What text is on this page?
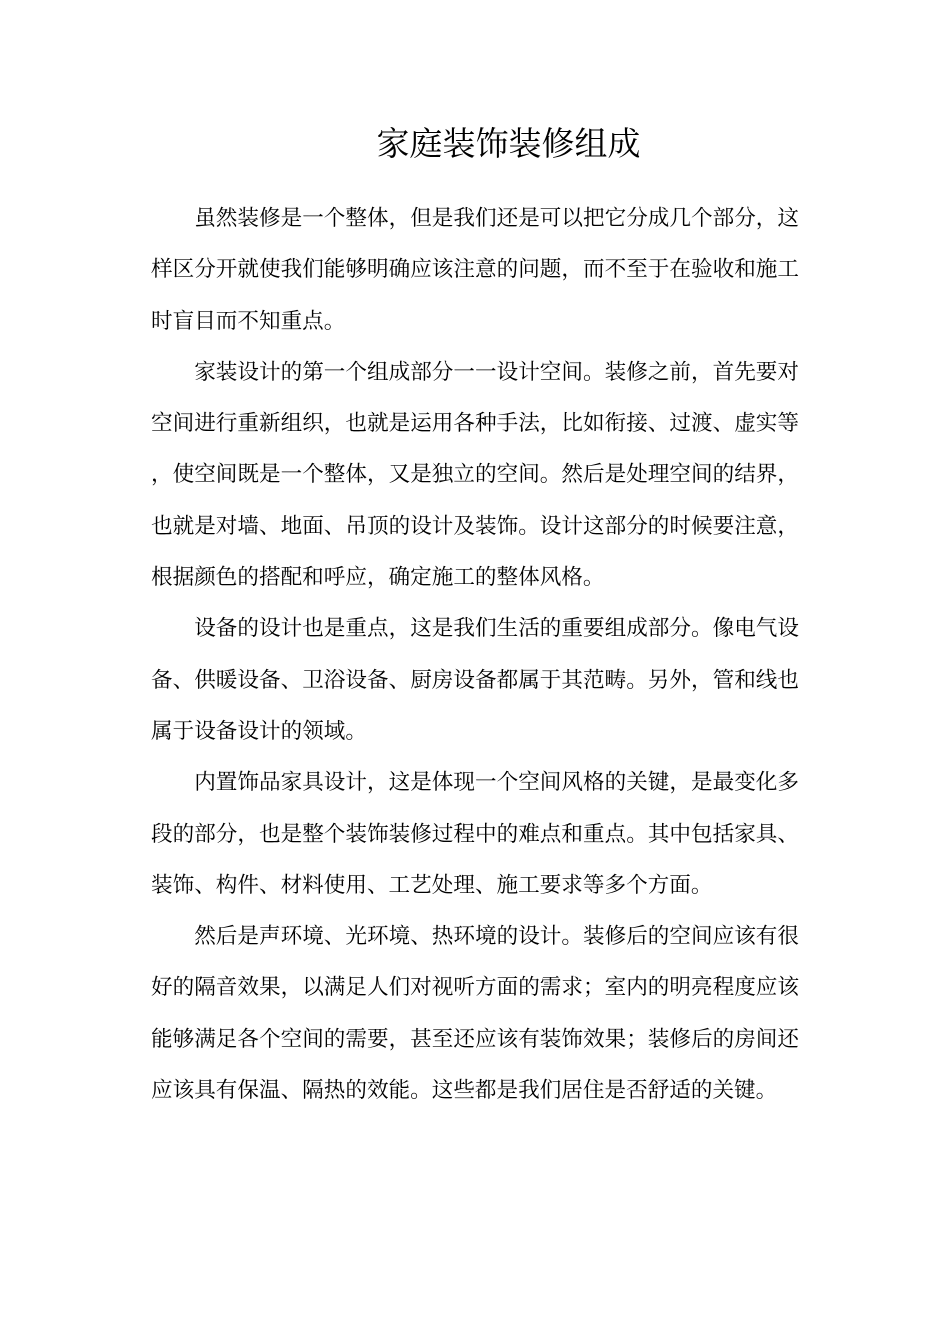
家庭装饰装修组成

虽然装修是一个整体，但是我们还是可以把它分成几个部分，这样区分开就使我们能够明确应该注意的问题，而不至于在验收和施工时盲目而不知重点。

家装设计的第一个组成部分一一设计空间。装修之前，首先要对空间进行重新组织，也就是运用各种手法，比如衔接、过渡、虚实等，使空间既是一个整体，又是独立的空间。然后是处理空间的结界，也就是对墙、地面、吊顶的设计及装饰。设计这部分的时候要注意，根据颜色的搭配和呼应，确定施工的整体风格。

设备的设计也是重点，这是我们生活的重要组成部分。像电气设备、供暖设备、卫浴设备、厨房设备都属于其范畴。另外，管和线也属于设备设计的领域。

内置饰品家具设计，这是体现一个空间风格的关键，是最变化多段的部分，也是整个装饰装修过程中的难点和重点。其中包括家具、装饰、构件、材料使用、工艺处理、施工要求等多个方面。

然后是声环境、光环境、热环境的设计。装修后的空间应该有很好的隔音效果，以满足人们对视听方面的需求；室内的明亮程度应该能够满足各个空间的需要，甚至还应该有装饰效果；装修后的房间还应该具有保温、隔热的效能。这些都是我们居住是否舒适的关键。
